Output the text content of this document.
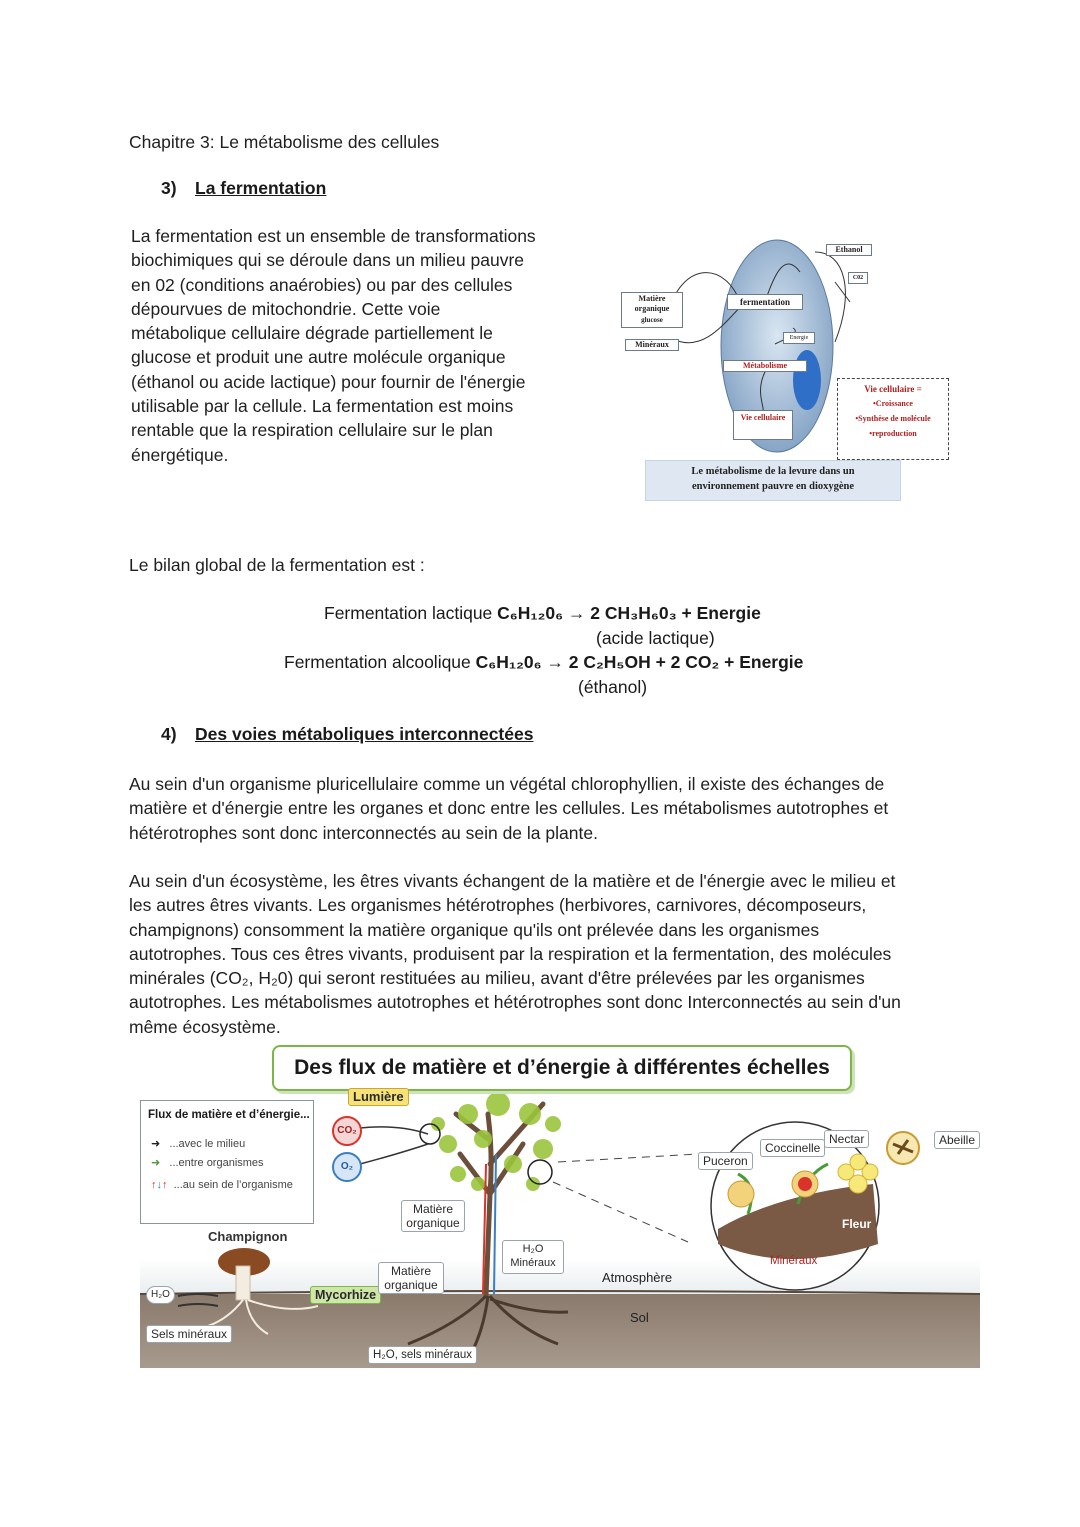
Chapitre 3: Le métabolisme des cellules
3) La fermentation
La fermentation est un ensemble de transformations
biochimiques qui se déroule dans un milieu pauvre
en 02 (conditions anaérobies) ou par des cellules
dépourvues de mitochondrie. Cette voie
métabolique cellulaire dégrade partiellement le
glucose et produit une autre molécule organique
(éthanol ou acide lactique) pour fournir de l'énergie
utilisable par la cellule. La fermentation est moins
rentable que la respiration cellulaire sur le plan
énergétique.
Ethanol
C02
Matière organique
glucose
Minéraux
fermentation
Energie
Métabolisme
Vie cellulaire
Vie cellulaire =
•Croissance
•Synthèse de molécule
•reproduction
Le métabolisme de la levure dans un
environnement pauvre en dioxygène
Le bilan global de la fermentation est :
Fermentation lactique C₆H₁₂0₆ → 2 CH₃H₆0₃ + Energie
(acide lactique)
Fermentation alcoolique C₆H₁₂0₆ → 2 C₂H₅OH + 2 CO₂ + Energie
(éthanol)
4) Des voies métaboliques interconnectées
Au sein d'un organisme pluricellulaire comme un végétal chlorophyllien, il existe des échanges de
matière et d'énergie entre les organes et donc entre les cellules. Les métabolismes autotrophes et
hétérotrophes sont donc interconnectés au sein de la plante.
Au sein d'un écosystème, les êtres vivants échangent de la matière et de l'énergie avec le milieu et
les autres êtres vivants. Les organismes hétérotrophes (herbivores, carnivores, décomposeurs,
champignons) consomment la matière organique qu'ils ont prélevée dans les organismes
autotrophes. Tous ces êtres vivants, produisent par la respiration et la fermentation, des molécules
minérales (CO₂, H₂0) qui seront restituées au milieu, avant d'être prélevées par les organismes
autotrophes. Les métabolismes autotrophes et hétérotrophes sont donc Interconnectés au sein d'un
même écosystème.
Des flux de matière et d’énergie à différentes échelles
Lumière
Flux de matière et d’énergie...
➜ ...avec le milieu
➜ ...entre organismes
↑↓↑ ...au sein de l’organisme
CO₂
O₂
Matière organique
Champignon
H₂O
Sels minéraux
Mycorhize
Matière organique
H₂O
Minéraux
H₂O, sels minéraux
Atmosphère
Sol
Puceron
Coccinelle
Nectar	Abeille
Fleur
Minéraux
